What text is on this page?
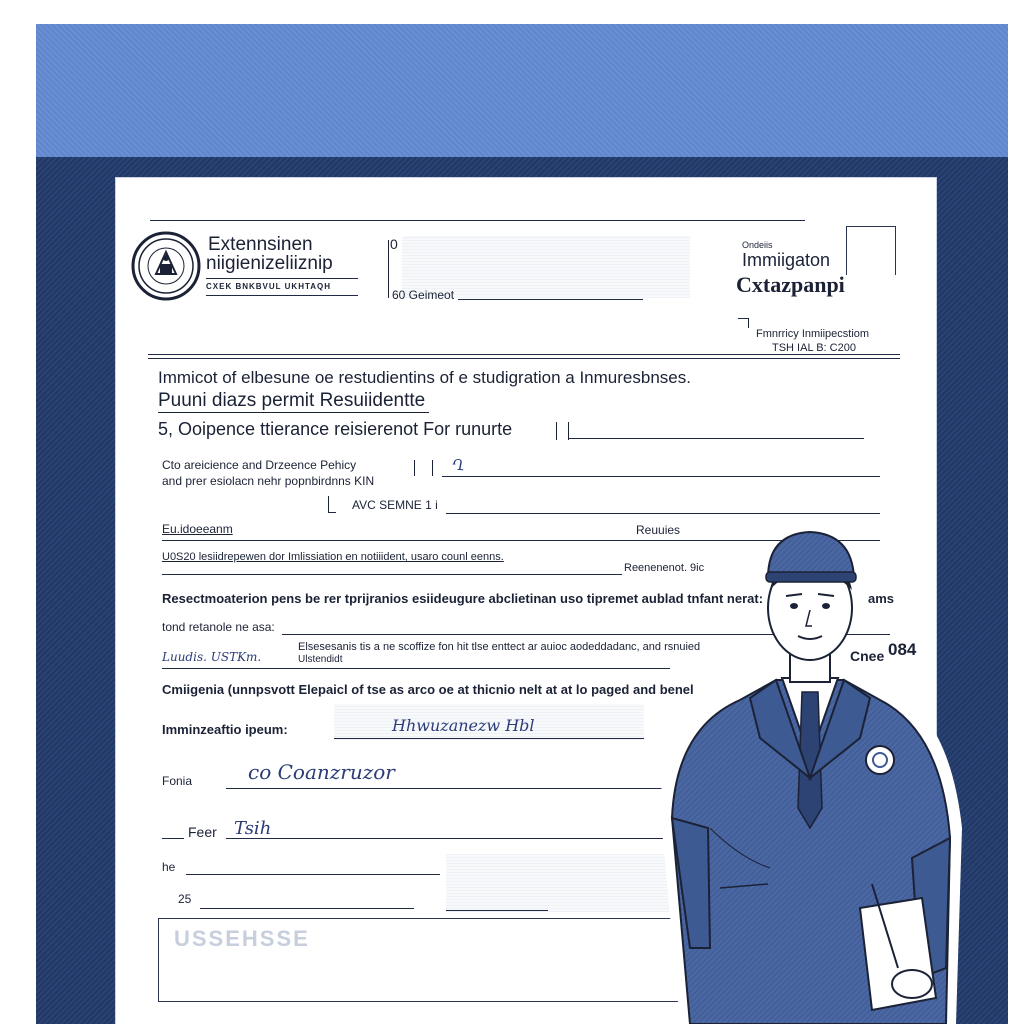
Extennsinen
niigienizeliiznip
CXEK BNKBVUL UKHTAQH
0
60 Geimeot
Ondeiis
Immiigaton
Cxtazpanpi
Fmnrricy Inmiipecstiom
TSH IAL B: C200
Immicot of elbesune oe restudientins of e studigration a Inmuresbnses.
Puuni diazs permit Resuiidentte
5, Ooipence ttierance reisierenot For runurte
Cto areicience and Drzeence Pehicy
and prer esiolacn nehr popnbirdnns KIN
Ղ
AVC SEMNE 1 i
Eu.idoeeanm	Reuuies
U0S20 lesiidrepewen dor Imlissiation en notiiident, usaro counl eenns.
Reenenenot. 9ic
Resectmoaterion pens be rer tprijranios esiideugure abclietinan uso tipremet aublad tnfant nerat:	ams
tond retanole ne asa:
Luudis. USTKm.
Elsesesanis tis a ne scoffize fon hit tlse enttect ar auioc aodeddadanc, and rsnuied
Ulstendidt	Cnee 084
Cmiigenia (unnpsvott Elepaicl of tse as arco oe at thicnio nelt at at lo paged and benel
Imminzeaftio ipeum:	Hhwuzanezw Hbl
Fonia	co Coanzruzor
Feer Tsih
he
25
USSEHSSE
